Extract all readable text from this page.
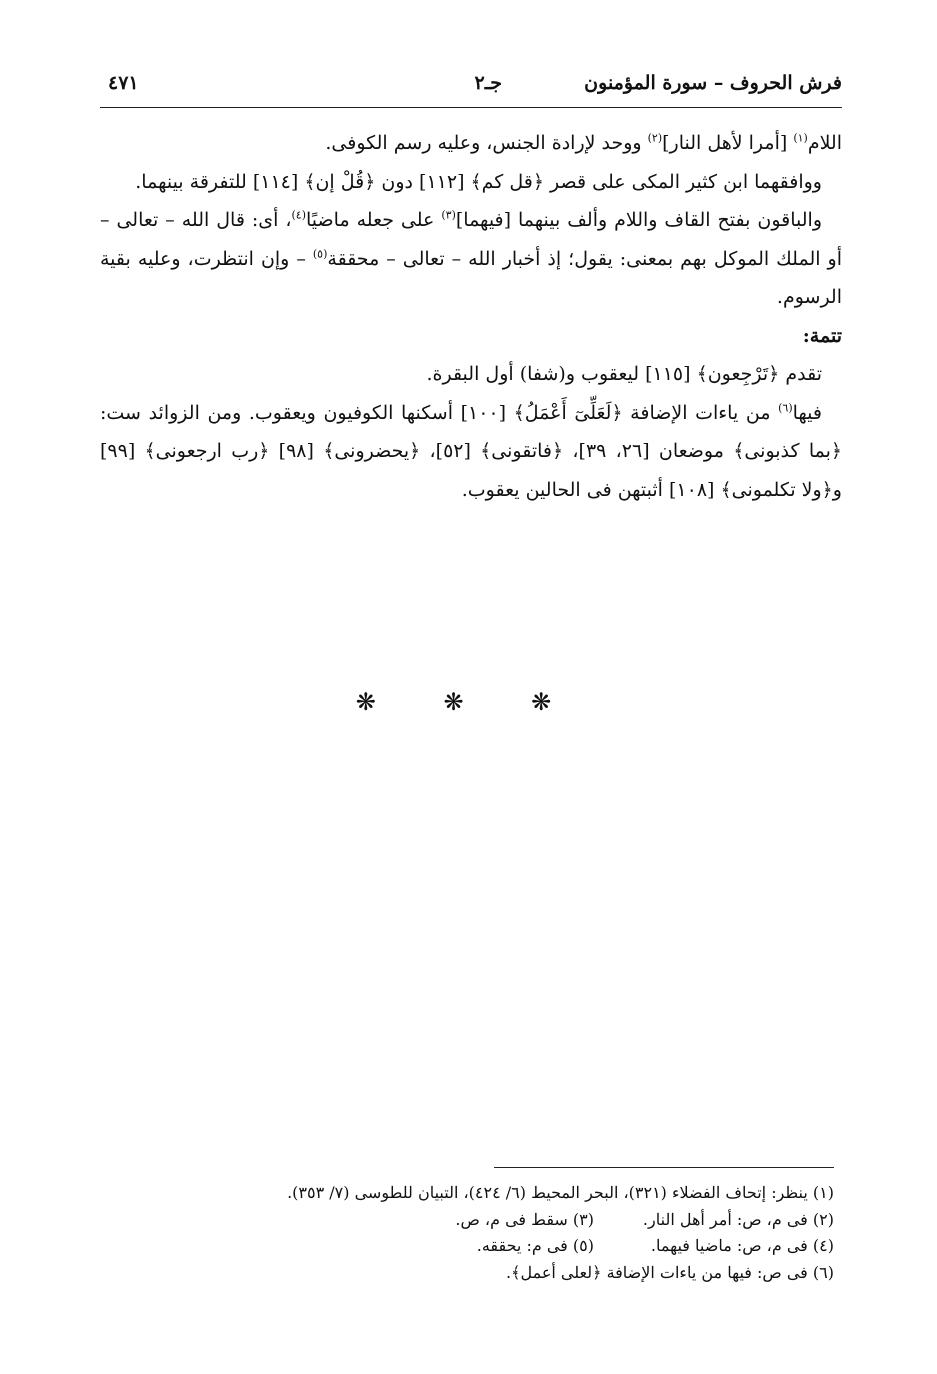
فرش الحروف – سورة المؤمنون
جـ٢
٤٧١

اللام$^{(١)}$ [أمرا لأهل النار]$^{(٢)}$ ووحد لإرادة الجنس، وعليه رسم الكوفى.

ووافقهما ابن كثير المكى على قصر ﴿قل كم﴾ [١١٢] دون ﴿قُلْ إن﴾ [١١٤] للتفرقة بينهما.

والباقون بفتح القاف واللام وألف بينهما [فيهما]$^{(٣)}$ على جعله ماضيًا$^{(٤)}$، أى: قال الله – تعالى – أو الملك الموكل بهم بمعنى: يقول؛ إذ أخبار الله – تعالى – محققة$^{(٥)}$ – وإن انتظرت، وعليه بقية الرسوم.

تتمة:

تقدم ﴿تَرْجِعون﴾ [١١٥] ليعقوب و(شفا) أول البقرة.

فيها$^{(٦)}$ من ياءات الإضافة ﴿لَعَلِّىٓ أَعْمَلُ﴾ [١٠٠] أسكنها الكوفيون ويعقوب. ومن الزوائد ست: ﴿بما كذبونى﴾ موضعان [٢٦، ٣٩]، ﴿فاتقونى﴾ [٥٢]، ﴿يحضرونى﴾ [٩٨] ﴿رب ارجعونى﴾ [٩٩] و﴿ولا تكلمونى﴾ [١٠٨] أثبتهن فى الحالين يعقوب.

❋ ❋ ❋
(١) ينظر: إتحاف الفضلاء (٣٢١)، البحر المحيط (٦/ ٤٢٤)، التبيان للطوسى (٧/ ٣٥٣).
(٢) فى م، ص: أمر أهل النار.
(٣) سقط فى م، ص.
(٤) فى م، ص: ماضيا فيهما.
(٥) فى م: يحققه.
(٦) فى ص: فيها من ياءات الإضافة ﴿لعلى أعمل﴾.
